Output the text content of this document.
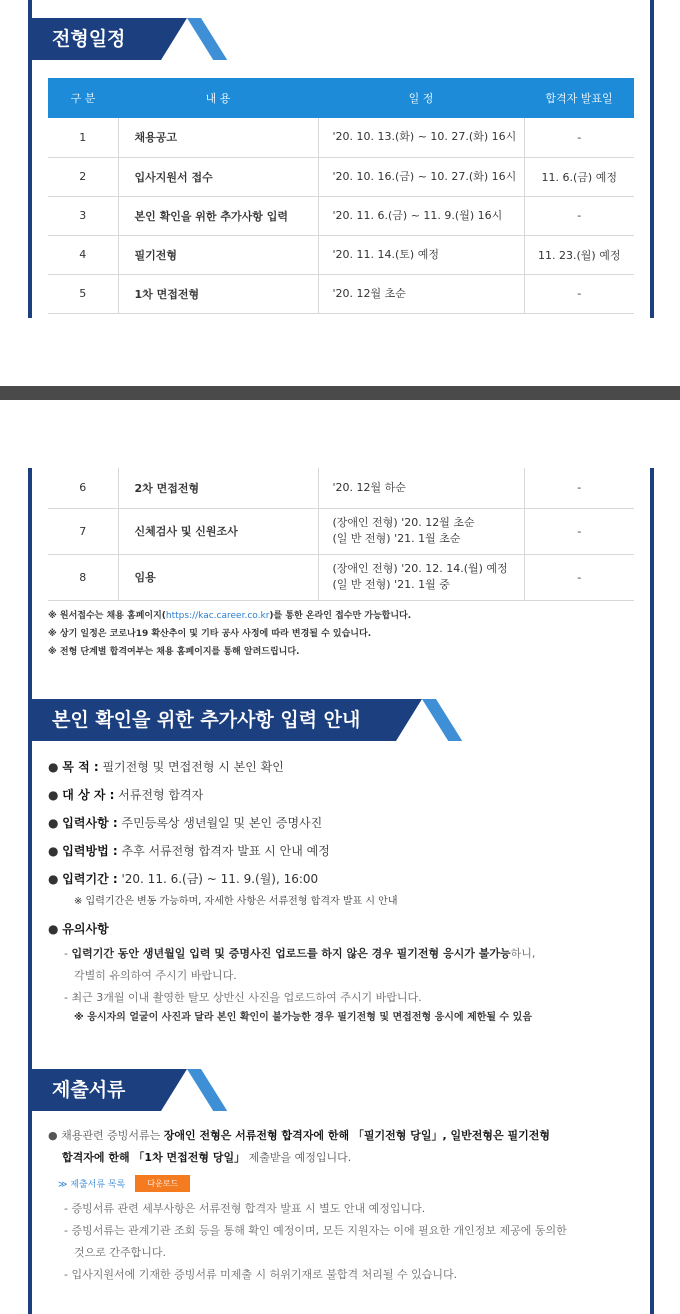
전형일정
구 분	내 용	일 정	합격자 발표일
1	채용공고	'20. 10. 13.(화) ~ 10. 27.(화) 16시	-
2	입사지원서 접수	'20. 10. 16.(금) ~ 10. 27.(화) 16시	11. 6.(금) 예정
3	본인 확인을 위한 추가사항 입력	'20. 11. 6.(금) ~ 11. 9.(월) 16시	-
4	필기전형	'20. 11. 14.(토) 예정	11. 23.(월) 예정
5	1차 면접전형	'20. 12월 초순	-
6	2차 면접전형	'20. 12월 하순	-
7	신체검사 및 신원조사	(장애인 전형) '20. 12월 초순
(일 반 전형) '21. 1월 초순	-
8	임용	(장애인 전형) '20. 12. 14.(월) 예정
(일 반 전형) '21. 1월 중	-
※ 원서접수는 채용 홈페이지(https://kac.career.co.kr)를 통한 온라인 접수만 가능합니다.
※ 상기 일정은 코로나19 확산추이 및 기타 공사 사정에 따라 변경될 수 있습니다.
※ 전형 단계별 합격여부는 채용 홈페이지를 통해 알려드립니다.
본인 확인을 위한 추가사항 입력 안내
● 목 적 : 필기전형 및 면접전형 시 본인 확인
● 대 상 자 : 서류전형 합격자
● 입력사항 : 주민등록상 생년월일 및 본인 증명사진
● 입력방법 : 추후 서류전형 합격자 발표 시 안내 예정
● 입력기간 : '20. 11. 6.(금) ~ 11. 9.(월), 16:00
※ 입력기간은 변동 가능하며, 자세한 사항은 서류전형 합격자 발표 시 안내
● 유의사항
- 입력기간 동안 생년월일 입력 및 증명사진 업로드를 하지 않은 경우 필기전형 응시가 불가능하니,
각별히 유의하여 주시기 바랍니다.
- 최근 3개월 이내 촬영한 탈모 상반신 사진을 업로드하여 주시기 바랍니다.
※ 응시자의 얼굴이 사진과 달라 본인 확인이 불가능한 경우 필기전형 및 면접전형 응시에 제한될 수 있음
제출서류
● 채용관련 증빙서류는 장애인 전형은 서류전형 합격자에 한해 「필기전형 당일」, 일반전형은 필기전형
합격자에 한해 「1차 면접전형 당일」 제출받을 예정입니다.
≫ 제출서류 목록	다운로드
- 증빙서류 관련 세부사항은 서류전형 합격자 발표 시 별도 안내 예정입니다.
- 증빙서류는 관계기관 조회 등을 통해 확인 예정이며, 모든 지원자는 이에 필요한 개인정보 제공에 동의한
것으로 간주합니다.
- 입사지원서에 기재한 증빙서류 미제출 시 허위기재로 불합격 처리될 수 있습니다.
